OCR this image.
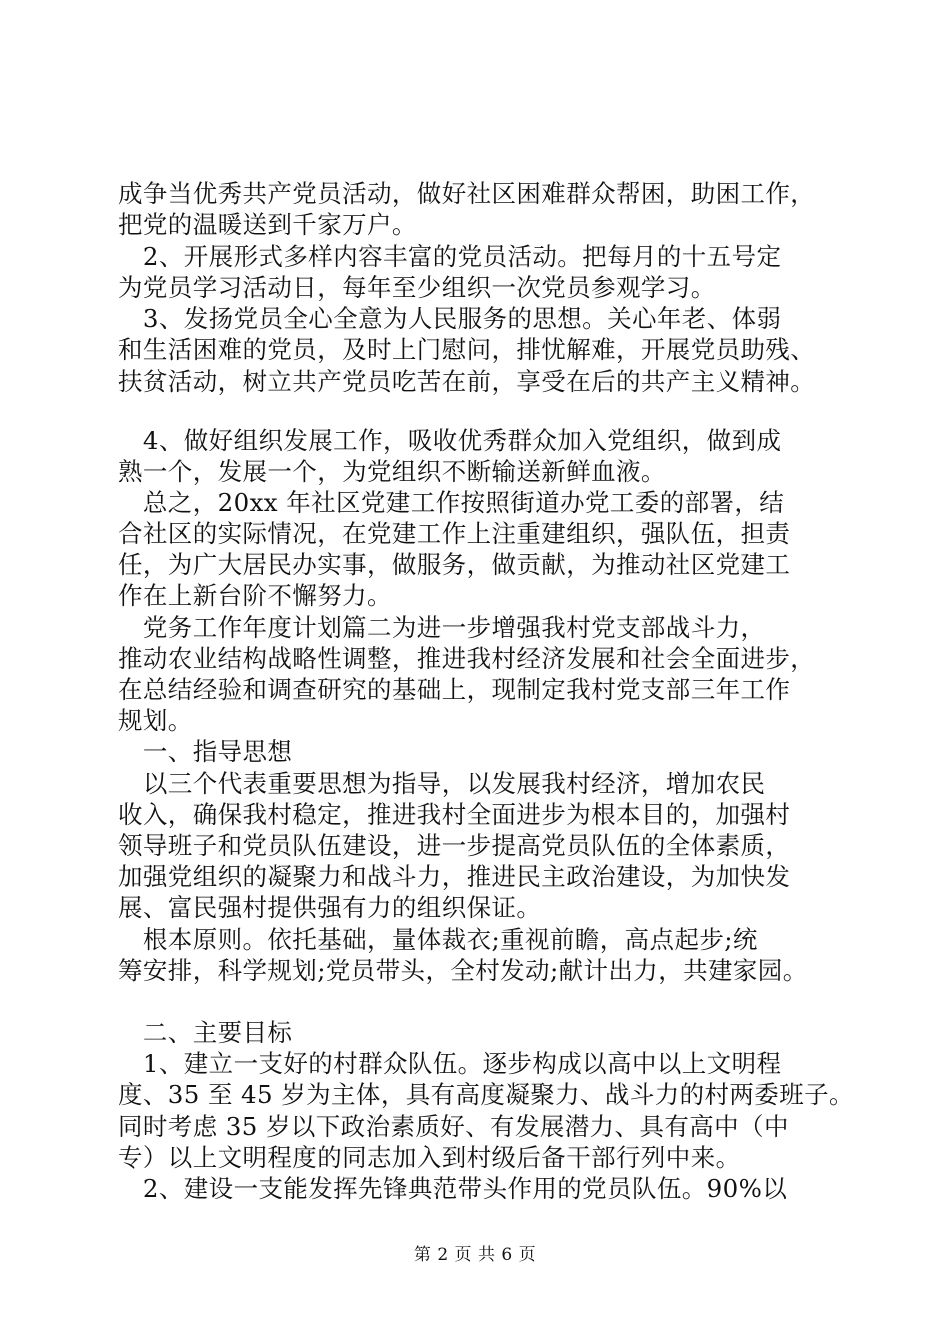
成争当优秀共产党员活动，做好社区困难群众帮困，助困工作，
把党的温暖送到千家万户。
　2、开展形式多样内容丰富的党员活动。把每月的十五号定
为党员学习活动日，每年至少组织一次党员参观学习。
　3、发扬党员全心全意为人民服务的思想。关心年老、体弱
和生活困难的党员，及时上门慰问，排忧解难，开展党员助残、
扶贫活动，树立共产党员吃苦在前，享受在后的共产主义精神。
　4、做好组织发展工作，吸收优秀群众加入党组织，做到成
熟一个，发展一个，为党组织不断输送新鲜血液。
　总之，20xx 年社区党建工作按照街道办党工委的部署，结
合社区的实际情况，在党建工作上注重建组织，强队伍，担责
任，为广大居民办实事，做服务，做贡献，为推动社区党建工
作在上新台阶不懈努力。
　党务工作年度计划篇二为进一步增强我村党支部战斗力，
推动农业结构战略性调整，推进我村经济发展和社会全面进步，
在总结经验和调查研究的基础上，现制定我村党支部三年工作
规划。
　一、指导思想
　以三个代表重要思想为指导，以发展我村经济，增加农民
收入，确保我村稳定，推进我村全面进步为根本目的，加强村
领导班子和党员队伍建设，进一步提高党员队伍的全体素质，
加强党组织的凝聚力和战斗力，推进民主政治建设，为加快发
展、富民强村提供强有力的组织保证。
　根本原则。依托基础，量体裁衣;重视前瞻，高点起步;统
筹安排，科学规划;党员带头，全村发动;献计出力，共建家园。
　二、主要目标
　1、建立一支好的村群众队伍。逐步构成以高中以上文明程
度、35 至 45 岁为主体，具有高度凝聚力、战斗力的村两委班子。
同时考虑 35 岁以下政治素质好、有发展潜力、具有高中（中
专）以上文明程度的同志加入到村级后备干部行列中来。
　2、建设一支能发挥先锋典范带头作用的党员队伍。90%以
第 2 页 共 6 页
